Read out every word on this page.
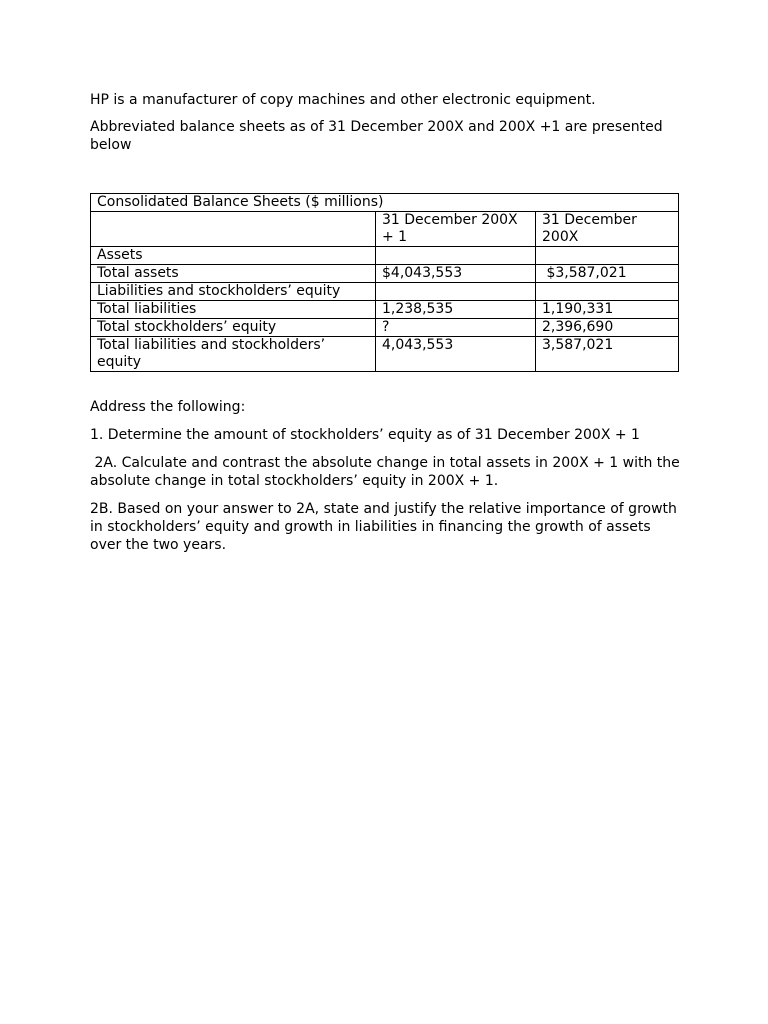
HP is a manufacturer of copy machines and other electronic equipment.

Abbreviated balance sheets as of 31 December 200X and 200X +1 are presented below

Consolidated Balance Sheets ($ millions)		
	31 December 200X + 1	31 December 200X
Assets		
Total assets	$4,043,553	$3,587,021
Liabilities and stockholders’ equity		
Total liabilities	1,238,535	1,190,331
Total stockholders’ equity	?	2,396,690
Total liabilities and stockholders’ equity	4,043,553	3,587,021

Address the following:

1. Determine the amount of stockholders’ equity as of 31 December 200X + 1

2A. Calculate and contrast the absolute change in total assets in 200X + 1 with the absolute change in total stockholders’ equity in 200X + 1.

2B. Based on your answer to 2A, state and justify the relative importance of growth in stockholders’ equity and growth in liabilities in financing the growth of assets over the two years.
